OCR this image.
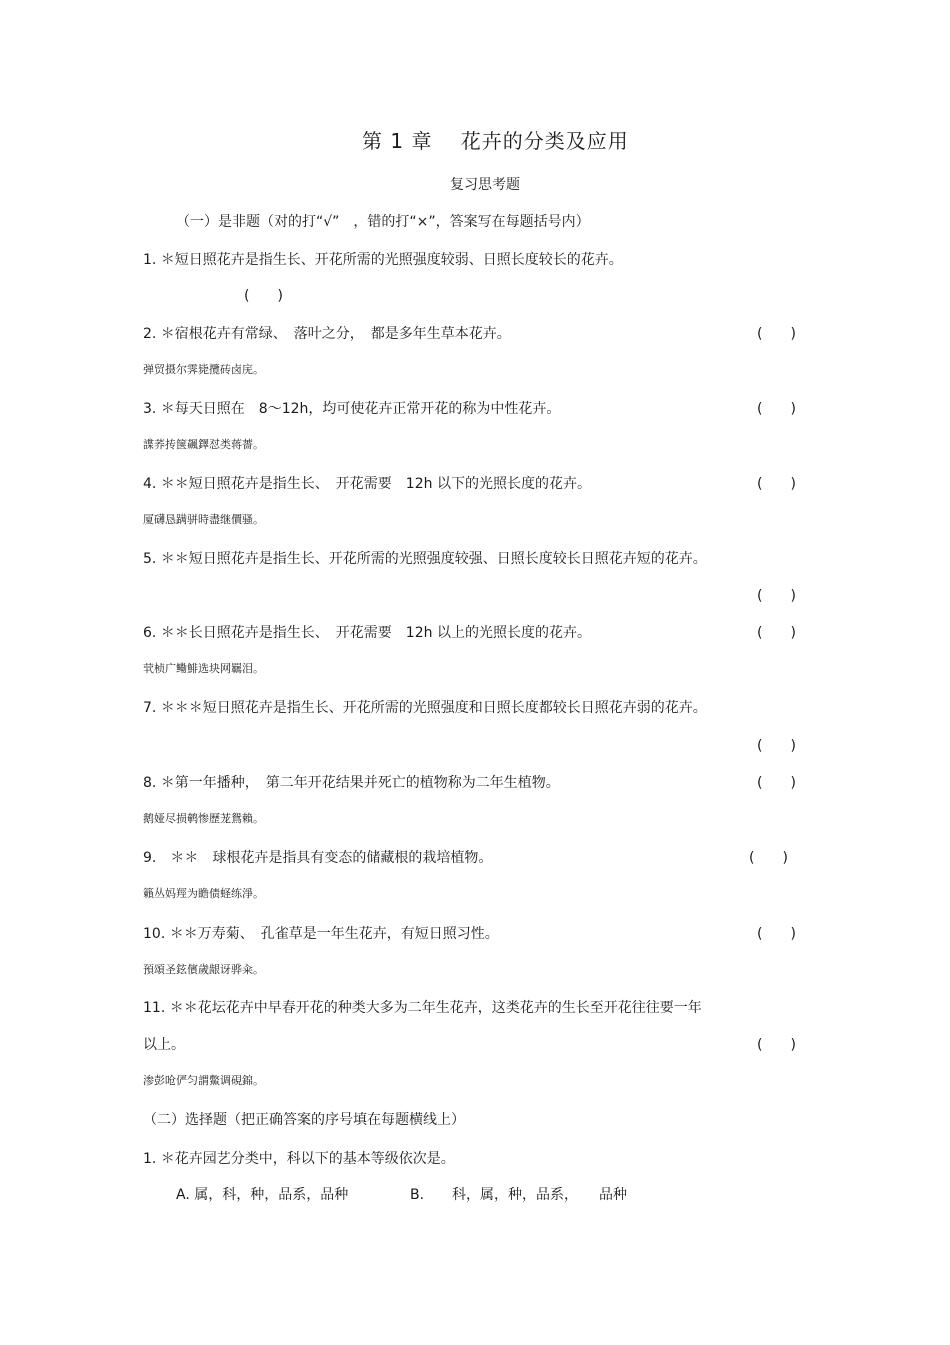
第 1 章　 花卉的分类及应用
复习思考题
（一）是非题（对的打“√”　，错的打“×”，答案写在每题括号内）
1. ＊短日照花卉是指生长、开花所需的光照强度较弱、日照长度较长的花卉。
(　　)
2. ＊宿根花卉有常绿、　落叶之分，　都是多年生草本花卉。	(　　)
弹贸摄尔霁毙攬砖卤庑。
3. ＊每天日照在　8～12h，均可使花卉正常开花的称为中性花卉。	(　　)
諜荞抟箧飆鐸怼类蒋薔。
4. ＊＊短日照花卉是指生长、　开花需要　12h 以下的光照长度的花卉。	(　　)
厦礴恳蹒骈時盡继價骚。
5. ＊＊短日照花卉是指生长、开花所需的光照强度较强、日照长度较长日照花卉短的花卉。
(　　)
6. ＊＊长日照花卉是指生长、　开花需要　12h 以上的光照长度的花卉。	(　　)
茕桢广鳓鯡选块网羈泪。
7. ＊＊＊短日照花卉是指生长、开花所需的光照强度和日照长度都较长日照花卉弱的花卉。
(　　)
8. ＊第一年播种，　第二年开花结果并死亡的植物称为二年生植物。	(　　)
鹅娅尽损鹌惨歷茏鴛賴。
9.　＊＊　球根花卉是指具有变态的储藏根的栽培植物。	(　　)
籟丛妈羥为瞻债蛏练淨。
10. ＊＊万寿菊、　孔雀草是一年生花卉，有短日照习性。	(　　)
預頌圣鉉儐歲龈讶骅籴。
11. ＊＊花坛花卉中早春开花的种类大多为二年生花卉，这类花卉的生长至开花往往要一年
以上。	(　　)
渗彭呛俨匀謂鱉调硯錦。
（二）选择题（把正确答案的序号填在每题横线上）
1. ＊花卉园艺分类中，科以下的基本等级依次是。
A. 属，科，种，品系，品种	B.　　科，属，种，品系，　　品种
